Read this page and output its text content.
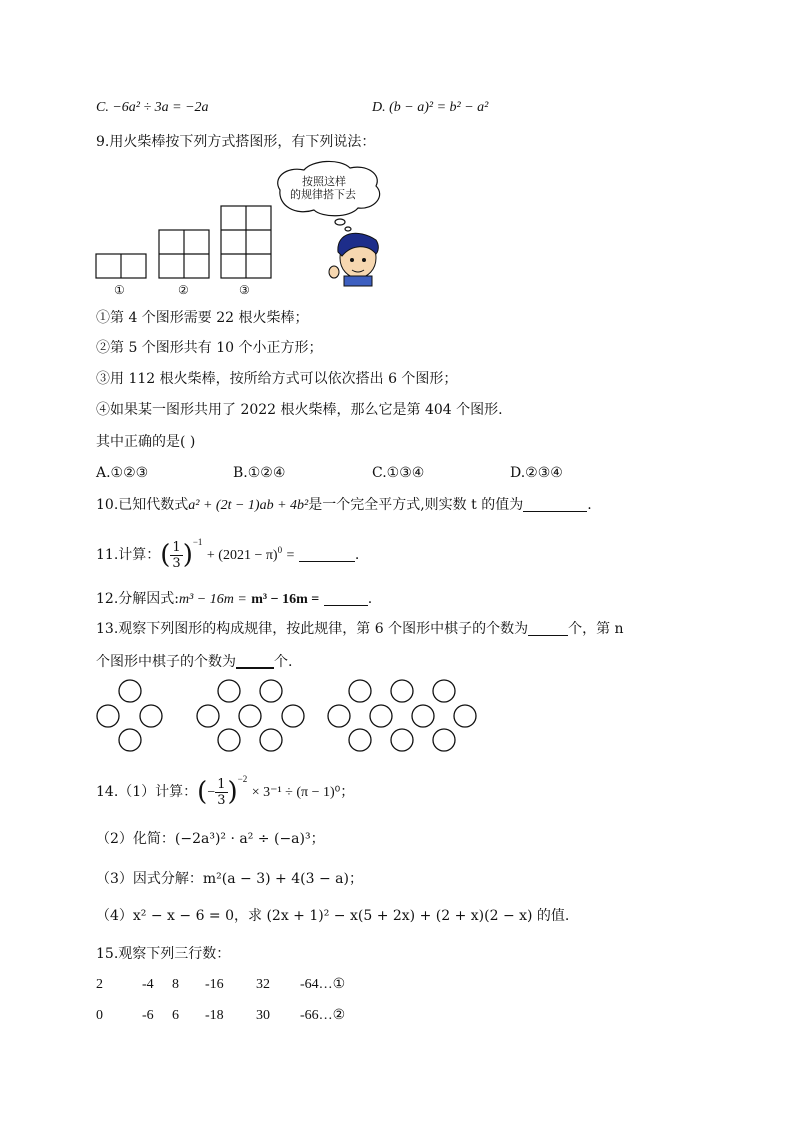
C. −6a² ÷ 3a = −2a	D. (b − a)² = b² − a²
9.用火柴棒按下列方式搭图形，有下列说法：
按照这样
的规律搭下去
①	②	③
①第 4 个图形需要 22 根火柴棒；
②第 5 个图形共有 10 个小正方形；
③用 112 根火柴棒，按所给方式可以依次搭出 6 个图形；
④如果某一图形共用了 2022 根火柴棒，那么它是第 404 个图形.
其中正确的是( )
A.①②③	B.①②④	C.①③④	D.②③④
10.已知代数式a² + (2t − 1)ab + 4b²是一个完全平方式,则实数 t 的值为	.
11.计算：( $\frac{1}{3} )^{-1} + (2021 - \pi)^0$ =	.
12.分解因式:m³ − 16m = m³ − 16m =	.
13.观察下列图形的构成规律，按此规律，第 6 个图形中棋子的个数为	个，第 n
个图形中棋子的个数为	个.
14.（1）计算：(− $\frac{1}{3} )^{-2} \times 3^{-1} \div (\pi - 1)^0$；
（2）化简：(−2a³)² · a² ÷ (−a)³；
（3）因式分解：m²(a − 3) + 4(3 − a)；
（4）x² − x − 6 = 0，求 (2x + 1)² − x(5 + 2x) + (2 + x)(2 − x) 的值.
15.观察下列三行数：
2	-4 8 -16 32 -64…①
0	-6 6 -18 30 -66…②
